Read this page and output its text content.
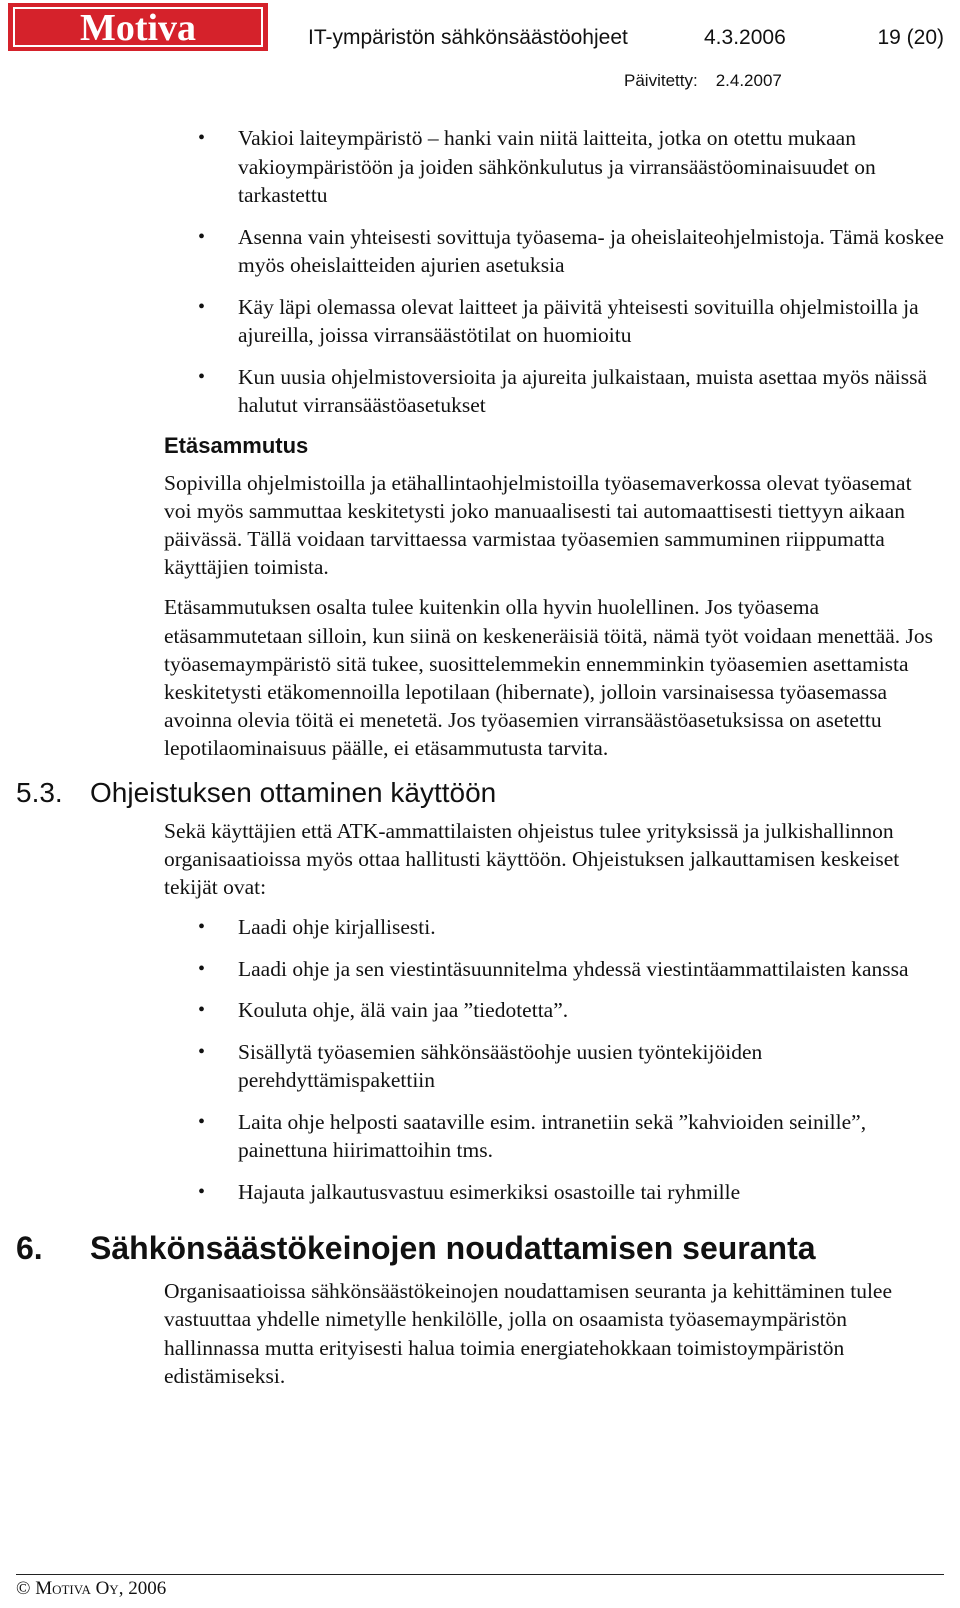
Motiva	IT-ympäristön sähkönsäästöohjeet	4.3.2006	19 (20)
Päivitetty: 2.4.2007
• Vakioi laiteympäristö – hanki vain niitä laitteita, jotka on otettu mukaan vakioympäristöön ja joiden sähkönkulutus ja virransäästöominaisuudet on tarkastettu
• Asenna vain yhteisesti sovittuja työasema- ja oheislaiteohjelmistoja. Tämä koskee myös oheislaitteiden ajurien asetuksia
• Käy läpi olemassa olevat laitteet ja päivitä yhteisesti sovituilla ohjelmistoilla ja ajureilla, joissa virransäästötilat on huomioitu
• Kun uusia ohjelmistoversioita ja ajureita julkaistaan, muista asettaa myös näissä halutut virransäästöasetukset
Etäsammutus

Sopivilla ohjelmistoilla ja etähallintaohjelmistoilla työasemaverkossa olevat työasemat voi myös sammuttaa keskitetysti joko manuaalisesti tai automaattisesti tiettyyn aikaan päivässä. Tällä voidaan tarvittaessa varmistaa työasemien sammuminen riippumatta käyttäjien toimista.

Etäsammutuksen osalta tulee kuitenkin olla hyvin huolellinen. Jos työasema etäsammutetaan silloin, kun siinä on keskeneräisiä töitä, nämä työt voidaan menettää. Jos työasemaympäristö sitä tukee, suosittelemmekin ennemminkin työasemien asettamista keskitetysti etäkomennoilla lepotilaan (hibernate), jolloin varsinaisessa työasemassa avoinna olevia töitä ei menetetä. Jos työasemien virransäästöasetuksissa on asetettu lepotilaominaisuus päälle, ei etäsammutusta tarvita.

5.3. Ohjeistuksen ottaminen käyttöön

Sekä käyttäjien että ATK-ammattilaisten ohjeistus tulee yrityksissä ja julkishallinnon organisaatioissa myös ottaa hallitusti käyttöön. Ohjeistuksen jalkauttamisen keskeiset tekijät ovat:

• Laadi ohje kirjallisesti.
• Laadi ohje ja sen viestintäsuunnitelma yhdessä viestintäammattilaisten kanssa
• Kouluta ohje, älä vain jaa ”tiedotetta”.
• Sisällytä työasemien sähkönsäästöohje uusien työntekijöiden perehdyttämispakettiin
• Laita ohje helposti saataville esim. intranetiin sekä ”kahvioiden seinille”, painettuna hiirimattoihin tms.
• Hajauta jalkautusvastuu esimerkiksi osastoille tai ryhmille
6.	Sähkönsäästökeinojen noudattamisen seuranta

Organisaatioissa sähkönsäästökeinojen noudattamisen seuranta ja kehittäminen tulee vastuuttaa yhdelle nimetylle henkilölle, jolla on osaamista työasemaympäristön hallinnassa mutta erityisesti halua toimia energiatehokkaan toimistoympäristön edistämiseksi.

© Motiva Oy, 2006
